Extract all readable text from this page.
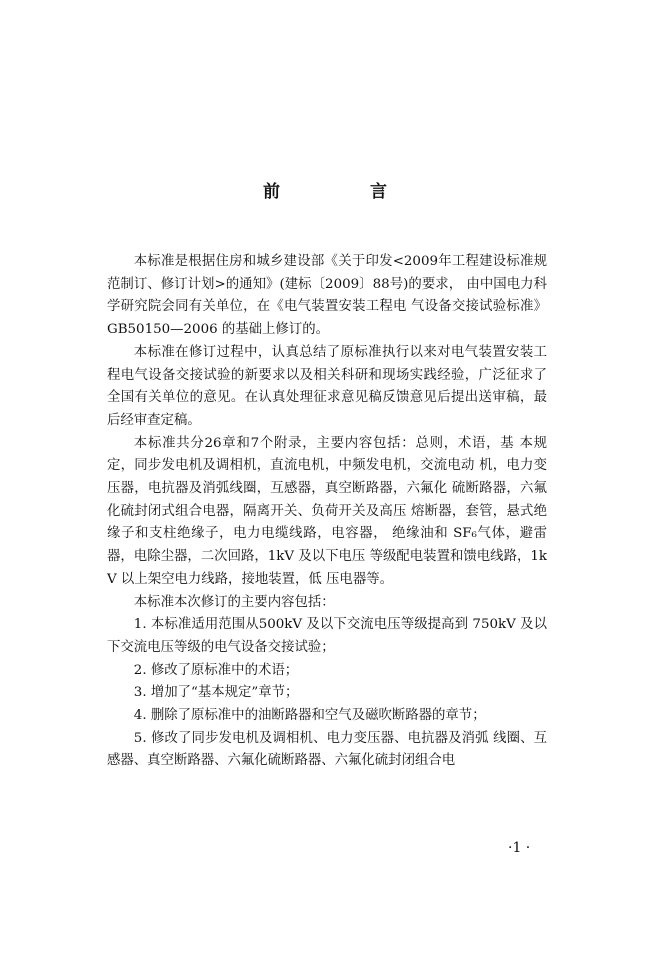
前 言

本标准是根据住房和城乡建设部《关于印发<2009年工程建设标准规范制订、修订计划>的通知》(建标〔2009〕88号)的要求， 由中国电力科学研究院会同有关单位，在《电气装置安装工程电 气设备交接试验标准》GB50150—2006 的基础上修订的。

本标准在修订过程中，认真总结了原标准执行以来对电气装置安装工程电气设备交接试验的新要求以及相关科研和现场实践经验，广泛征求了全国有关单位的意见。在认真处理征求意见稿反馈意见后提出送审稿，最后经审查定稿。

本标准共分26章和7个附录，主要内容包括：总则，术语，基 本规定，同步发电机及调相机，直流电机，中频发电机，交流电动 机，电力变压器，电抗器及消弧线圈，互感器，真空断路器，六氟化 硫断路器，六氟化硫封闭式组合电器，隔离开关、负荷开关及高压 熔断器，套管，悬式绝缘子和支柱绝缘子，电力电缆线路，电容器， 绝缘油和 SF₆气体，避雷器，电除尘器，二次回路，1kV 及以下电压 等级配电装置和馈电线路，1kV 以上架空电力线路，接地装置，低 压电器等。

本标准本次修订的主要内容包括：

1. 本标准适用范围从500kV 及以下交流电压等级提高到 750kV 及以下交流电压等级的电气设备交接试验；

2. 修改了原标准中的术语；

3. 增加了“基本规定”章节；

4. 删除了原标准中的油断路器和空气及磁吹断路器的章节；

5. 修改了同步发电机及调相机、电力变压器、电抗器及消弧 线圈、互感器、真空断路器、六氟化硫断路器、六氟化硫封闭组合电

·1 ·
